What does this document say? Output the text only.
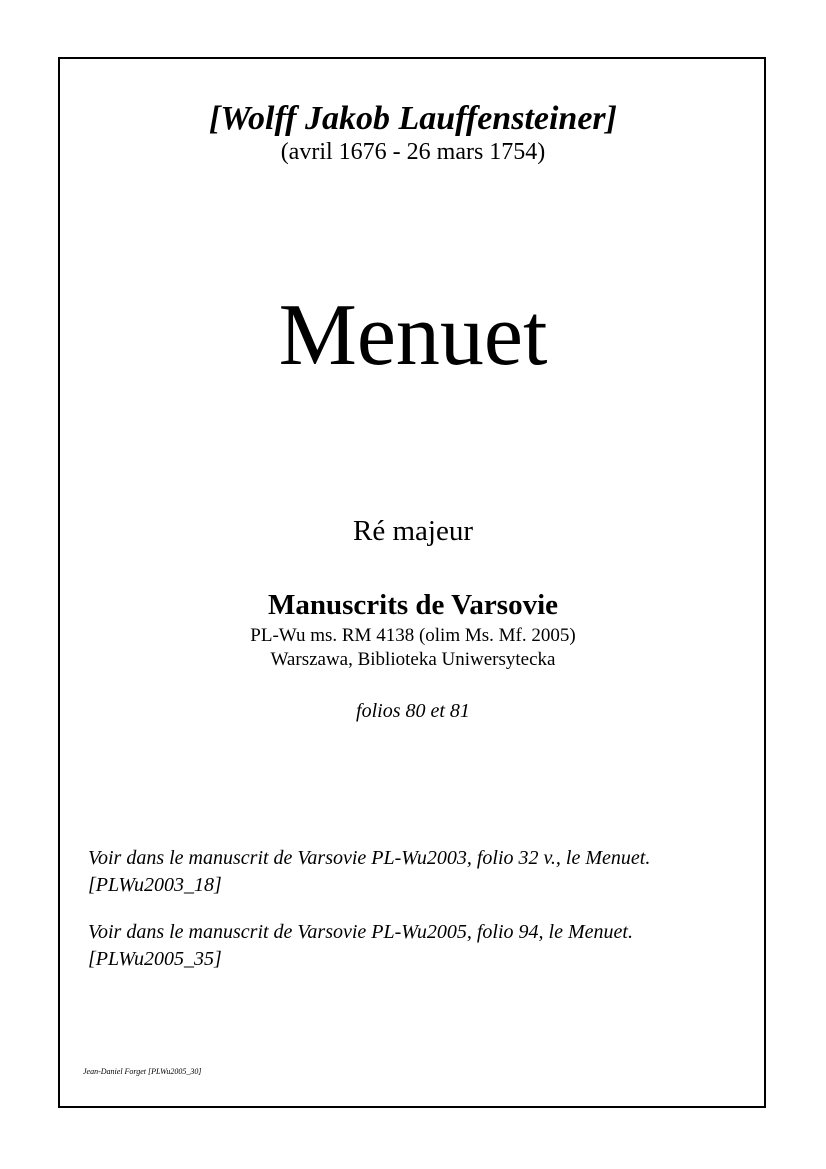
[Wolff Jakob Lauffensteiner]
(avril 1676 - 26 mars 1754)
Menuet
Ré majeur
Manuscrits de Varsovie
PL-Wu ms. RM 4138 (olim Ms. Mf. 2005)
Warszawa, Biblioteka Uniwersytecka
folios 80 et 81
Voir dans le manuscrit de Varsovie PL-Wu2003, folio 32 v., le Menuet.
[PLWu2003_18]
Voir dans le manuscrit de Varsovie PL-Wu2005, folio 94, le Menuet.
[PLWu2005_35]
Jean-Daniel Forget [PLWu2005_30]
